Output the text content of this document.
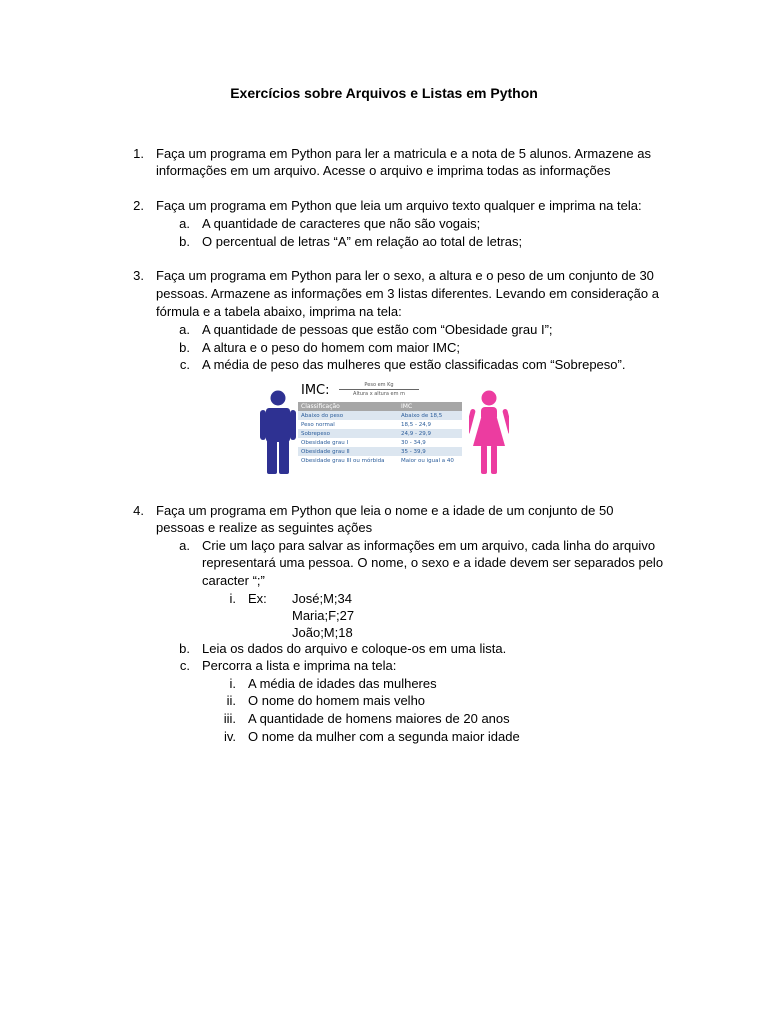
Exercícios sobre Arquivos e Listas em Python
1. Faça um programa em Python para ler a matricula e a nota de 5 alunos. Armazene as
informações em um arquivo. Acesse o arquivo e imprima todas as informações
2. Faça um programa em Python que leia um arquivo texto qualquer e imprima na tela:
a. A quantidade de caracteres que não são vogais;
b. O percentual de letras “A” em relação ao total de letras;
3. Faça um programa em Python para ler o sexo, a altura e o peso de um conjunto de 30
pessoas. Armazene as informações em 3 listas diferentes. Levando em consideração a
fórmula e a tabela abaixo, imprima na tela:
a. A quantidade de pessoas que estão com “Obesidade grau I”;
b. A altura e o peso do homem com maior IMC;
c. A média de peso das mulheres que estão classificadas com “Sobrepeso”.
IMC:	Peso em Kg
Altura x altura em m
Classificação	IMC
Abaixo do peso	Abaixo de 18,5
Peso normal	18,5 - 24,9
Sobrepeso	24,9 - 29,9
Obesidade grau I	30 - 34,9
Obesidade grau II	35 - 39,9
Obesidade grau III ou mórbida	Maior ou igual a 40
4. Faça um programa em Python que leia o nome e a idade de um conjunto de 50
pessoas e realize as seguintes ações
a. Crie um laço para salvar as informações em um arquivo, cada linha do arquivo
representará uma pessoa. O nome, o sexo e a idade devem ser separados pelo
caracter “;”
i. Ex: José;M;34
Maria;F;27
João;M;18
b. Leia os dados do arquivo e coloque-os em uma lista.
c. Percorra a lista e imprima na tela:
i. A média de idades das mulheres
ii. O nome do homem mais velho
iii. A quantidade de homens maiores de 20 anos
iv. O nome da mulher com a segunda maior idade
